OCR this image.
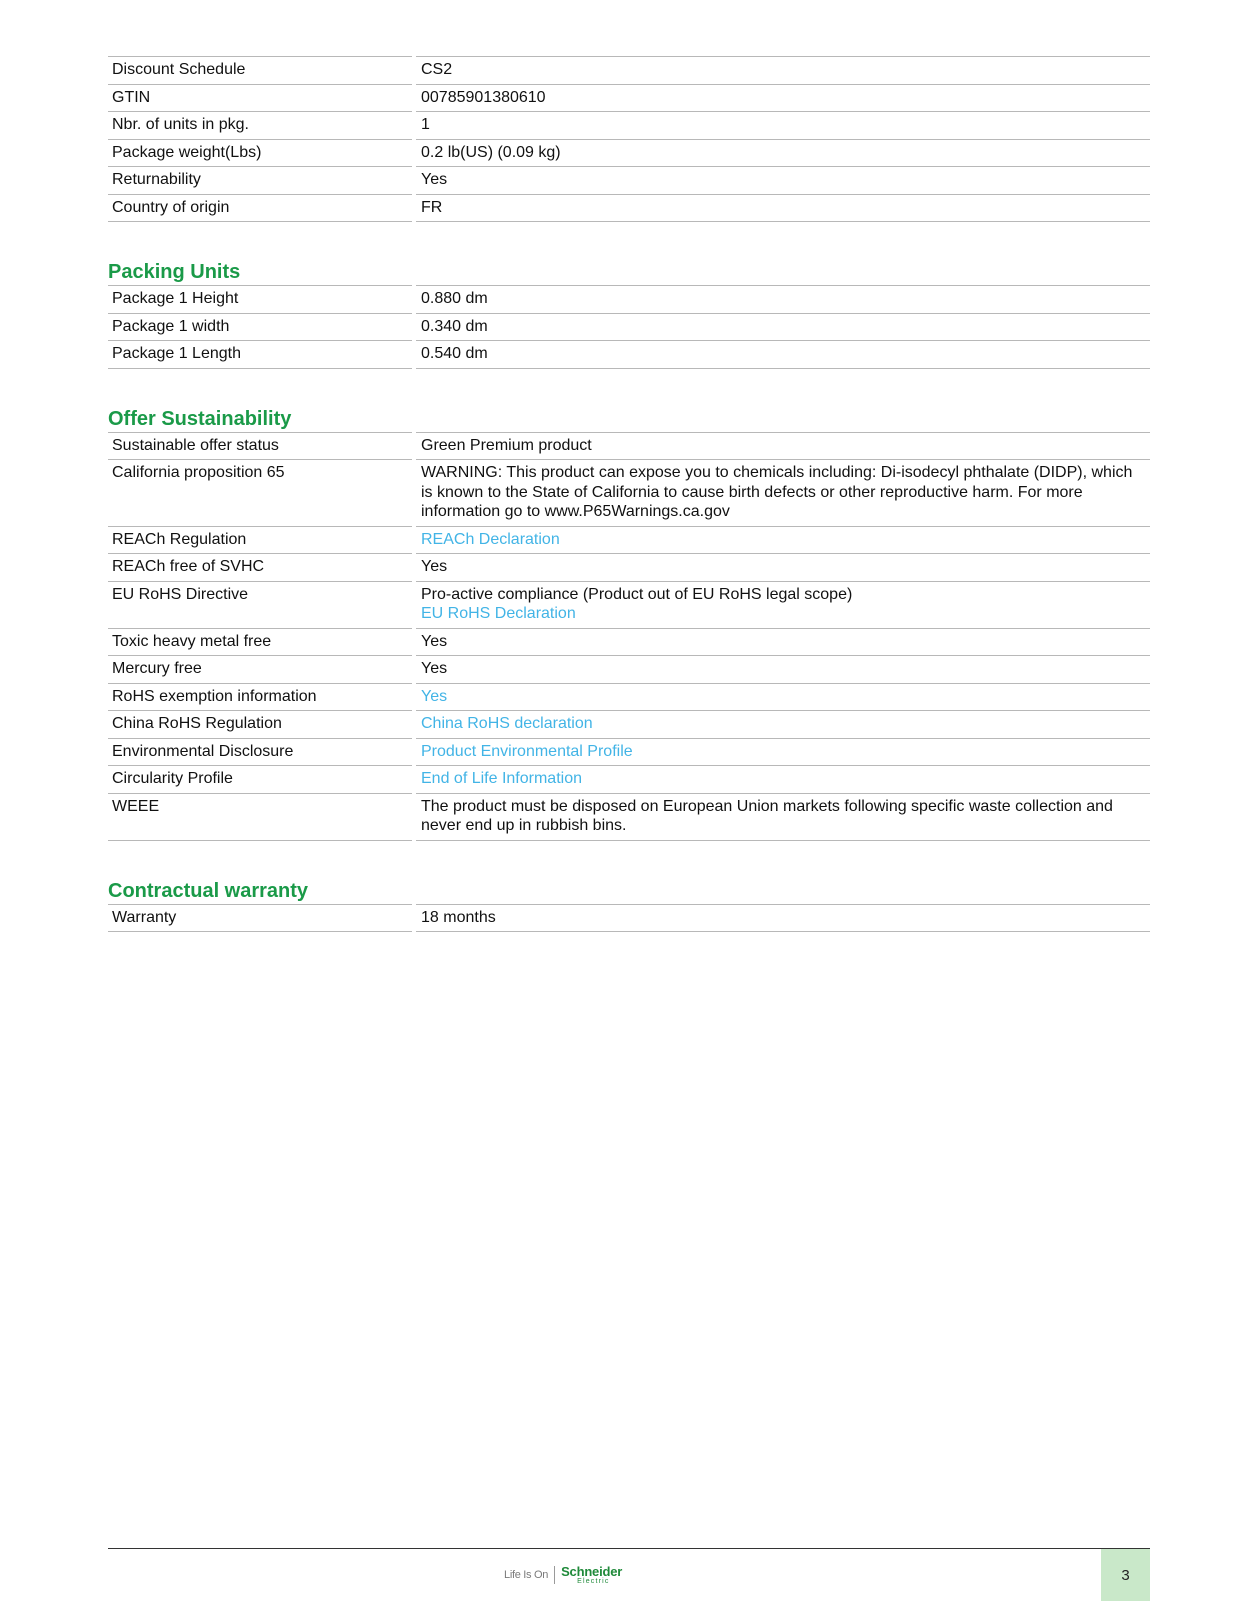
Discount Schedule	CS2

GTIN	00785901380610

Nbr. of units in pkg.	1

Package weight(Lbs)	0.2 lb(US) (0.09 kg)

Returnability	Yes

Country of origin	FR
Packing Units
Package 1 Height	0.880 dm

Package 1 width	0.340 dm

Package 1 Length	0.540 dm
Offer Sustainability
Sustainable offer status	Green Premium product

California proposition 65	WARNING: This product can expose you to chemicals including: Di-isodecyl phthalate (DIDP), which is known to the State of California to cause birth defects or other reproductive harm. For more information go to www.P65Warnings.ca.gov

REACh Regulation	REACh Declaration

REACh free of SVHC	Yes

EU RoHS Directive	Pro-active compliance (Product out of EU RoHS legal scope)
EU RoHS Declaration

Toxic heavy metal free	Yes

Mercury free	Yes

RoHS exemption information	Yes

China RoHS Regulation	China RoHS declaration

Environmental Disclosure	Product Environmental Profile

Circularity Profile	End of Life Information

WEEE	The product must be disposed on European Union markets following specific waste collection and never end up in rubbish bins.
Contractual warranty
Warranty	18 months
Life Is On	Schneider
Electric	3
